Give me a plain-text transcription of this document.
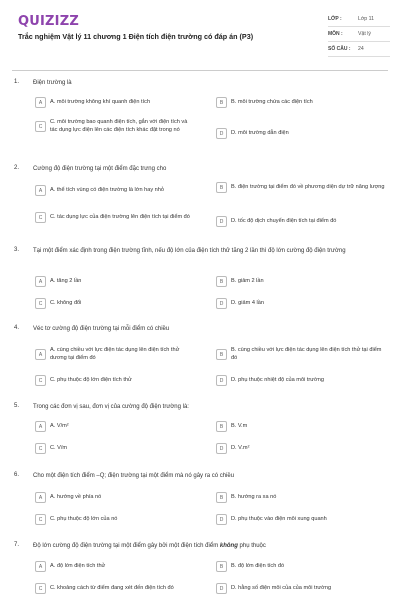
QUIZIZZ
Trắc nghiệm Vật lý 11 chương 1 Điện tích điện trường có đáp án (P3)
LỚP :	Lớp 11
MÔN :	Vật lý
SỐ CÂU :	24
1. Điện trường là
A	A. môi trường không khí quanh điện tích	B	B. môi trường chứa các điện tích
C
C. môi trường bao quanh điện tích, gắn với điện tích và tác dụng lực điện lên các điện tích khác đặt trong nó
D	D. môi trường dẫn điện
2. Cường độ điện trường tại một điểm đặc trưng cho
A	A. thể tích vùng có điện trường là lớn hay nhỏ	B	B. điện trường tại điểm đó về phương diện dự trữ năng lượng
C	C. tác dụng lực của điện trường lên điện tích tại điểm đó
D	D. tốc độ dịch chuyển điện tích tại điểm đó
3. Tại một điểm xác định trong điện trường tĩnh, nếu độ lớn của điện tích thử tăng 2 lần thì độ lớn cường độ điện trường
A	A. tăng 2 lần	B	B. giảm 2 lần
C	C. không đổi	D	D. giảm 4 lần
4. Véc tơ cường độ điện trường tại mỗi điểm có chiều
A
A. cùng chiều với lực điện tác dụng lên điện tích thử dương tại điểm đó	B
B. cùng chiều với lực điện tác dụng lên điện tích thử tại điểm đó
C	C. phụ thuộc độ lớn điện tích thử	D	D. phụ thuộc nhiệt độ của môi trường
5. Trong các đơn vị sau, đơn vị của cường độ điện trường là:
A	A. V/m²	B	B. V.m
C	C. V/m	D	D. V.m²
6. Cho một điện tích điểm –Q; điện trường tại một điểm mà nó gây ra có chiều
A	A. hướng về phía nó	B	B. hướng ra xa nó
C	C. phụ thuộc độ lớn của nó	D	D. phụ thuộc vào điện môi xung quanh
7. Độ lớn cường độ điện trường tại một điểm gây bởi một điện tích điểm không phụ thuộc
A	A. độ lớn điện tích thử	B	B. độ lớn điện tích đó
C	C. khoảng cách từ điểm đang xét đến điện tích đó	D	D. hằng số điện môi của của môi trường
